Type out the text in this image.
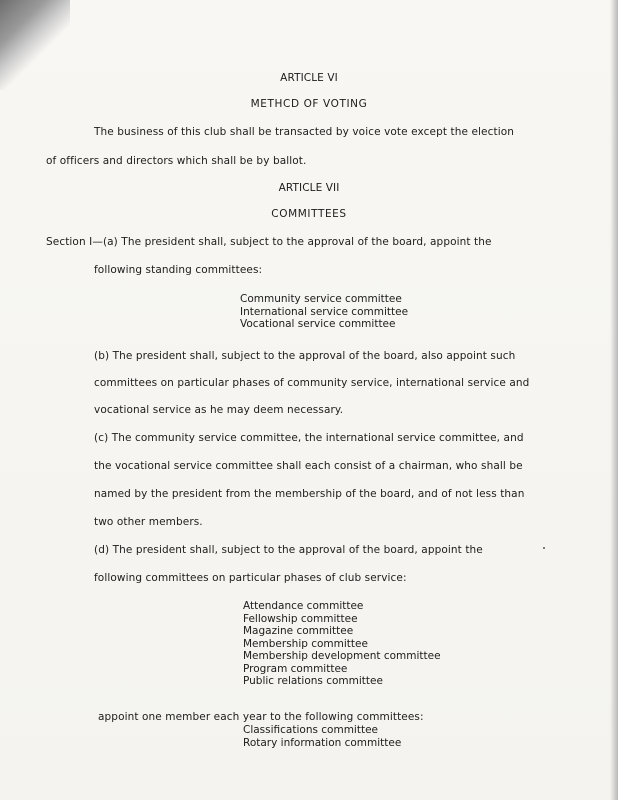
ARTICLE VI
METHCD OF VOTING
The business of this club shall be transacted by voice vote except the election
of officers and directors which shall be by ballot.
ARTICLE VII
COMMITTEES
Section I—(a) The president shall, subject to the approval of the board, appoint the
following standing committees:
Community service committee
International service committee
Vocational service committee
(b) The president shall, subject to the approval of the board, also appoint such
committees on particular phases of community service, international service and
vocational service as he may deem necessary.
(c) The community service committee, the international service committee, and
the vocational service committee shall each consist of a chairman, who shall be
named by the president from the membership of the board, and of not less than
two other members.
(d) The president shall, subject to the approval of the board, appoint the
following committees on particular phases of club service:
Attendance committee
Fellowship committee
Magazine committee
Membership committee
Membership development committee
Program committee
Public relations committee
appoint one member each year to the following committees:
Classifications committee
Rotary information committee
